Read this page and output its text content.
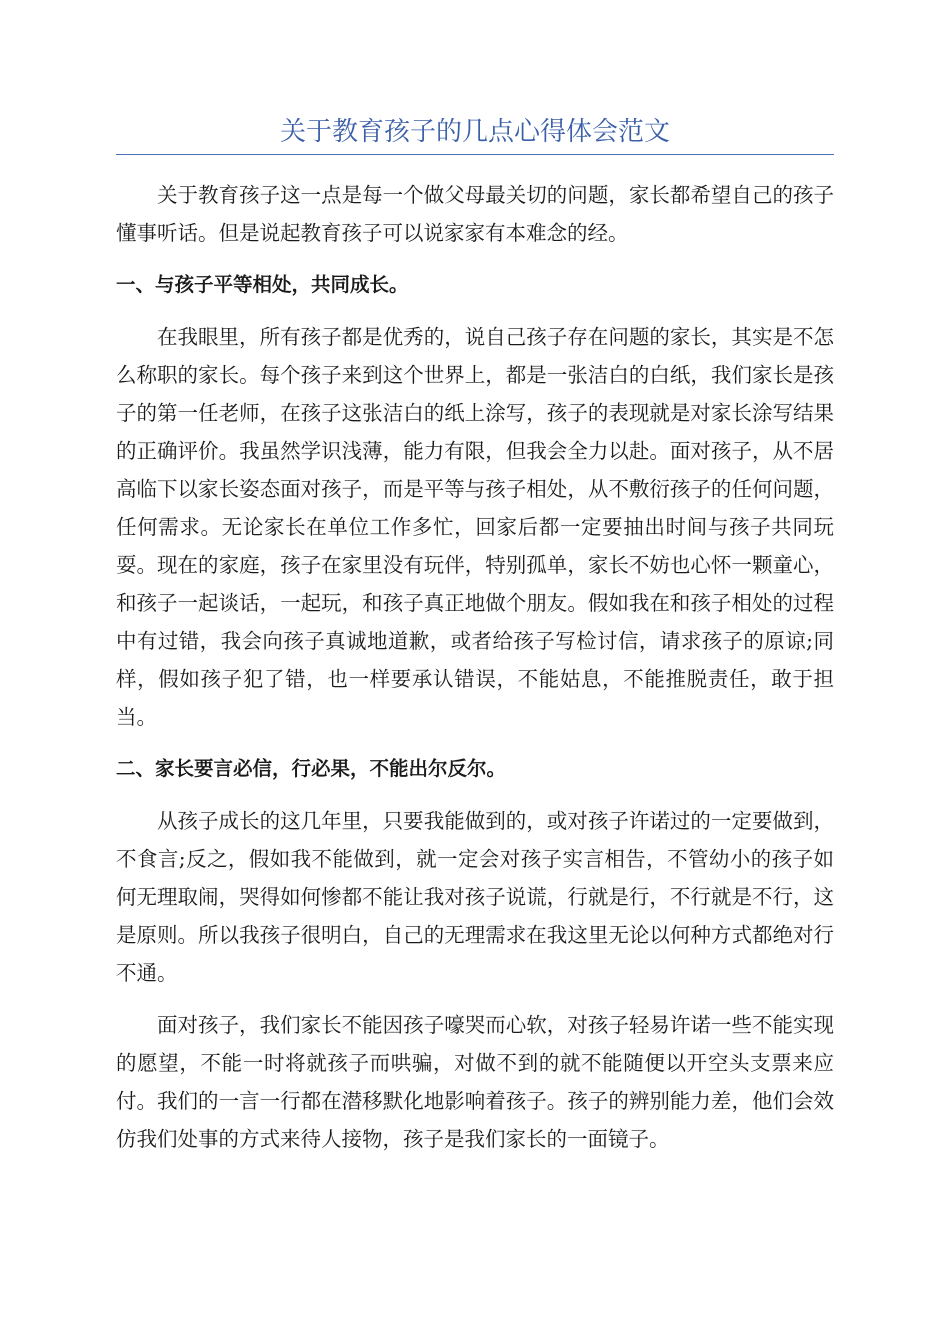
关于教育孩子的几点心得体会范文

关于教育孩子这一点是每一个做父母最关切的问题，家长都希望自己的孩子懂事听话。但是说起教育孩子可以说家家有本难念的经。

一、与孩子平等相处，共同成长。

在我眼里，所有孩子都是优秀的，说自己孩子存在问题的家长，其实是不怎么称职的家长。每个孩子来到这个世界上，都是一张洁白的白纸，我们家长是孩子的第一任老师，在孩子这张洁白的纸上涂写，孩子的表现就是对家长涂写结果的正确评价。我虽然学识浅薄，能力有限，但我会全力以赴。面对孩子，从不居高临下以家长姿态面对孩子，而是平等与孩子相处，从不敷衍孩子的任何问题，任何需求。无论家长在单位工作多忙，回家后都一定要抽出时间与孩子共同玩耍。现在的家庭，孩子在家里没有玩伴，特别孤单，家长不妨也心怀一颗童心，和孩子一起谈话，一起玩，和孩子真正地做个朋友。假如我在和孩子相处的过程中有过错，我会向孩子真诚地道歉，或者给孩子写检讨信，请求孩子的原谅;同样，假如孩子犯了错，也一样要承认错误，不能姑息，不能推脱责任，敢于担当。

二、家长要言必信，行必果，不能出尔反尔。

从孩子成长的这几年里，只要我能做到的，或对孩子许诺过的一定要做到，不食言;反之，假如我不能做到，就一定会对孩子实言相告，不管幼小的孩子如何无理取闹，哭得如何惨都不能让我对孩子说谎，行就是行，不行就是不行，这是原则。所以我孩子很明白，自己的无理需求在我这里无论以何种方式都绝对行不通。

面对孩子，我们家长不能因孩子嚎哭而心软，对孩子轻易许诺一些不能实现的愿望，不能一时将就孩子而哄骗，对做不到的就不能随便以开空头支票来应付。我们的一言一行都在潜移默化地影响着孩子。孩子的辨别能力差，他们会效仿我们处事的方式来待人接物，孩子是我们家长的一面镜子。
